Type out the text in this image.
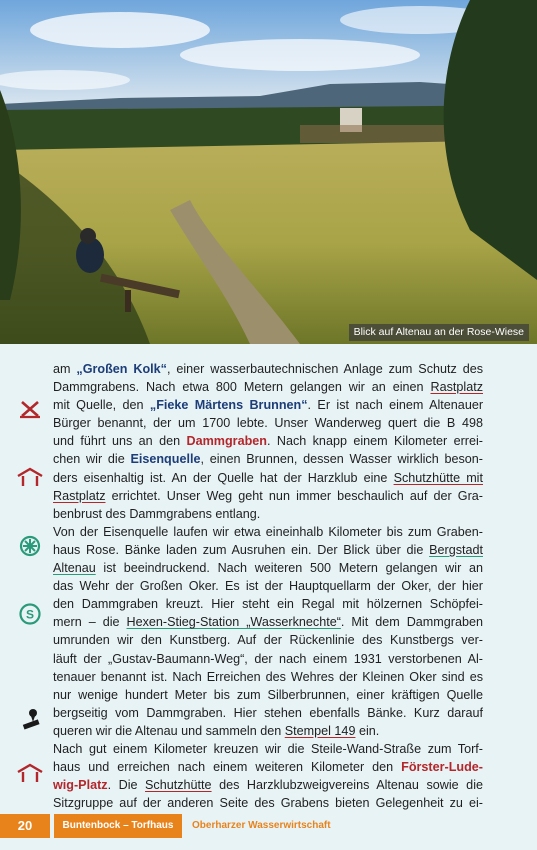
Blick auf Altenau an der Rose-Wiese
S

am „Großen Kolk“, einer wasserbautechnischen Anlage zum Schutz des
Dammgrabens. Nach etwa 800 Metern gelangen wir an einen Rastplatz
mit Quelle, den „Fieke Märtens Brunnen“. Er ist nach einem Altenauer
Bürger benannt, der um 1700 lebte. Unser Wanderweg quert die B 498
und führt uns an den Dammgraben. Nach knapp einem Kilometer errei-
chen wir die Eisenquelle, einen Brunnen, dessen Wasser wirklich beson-
ders eisenhaltig ist. An der Quelle hat der Harzklub eine Schutzhütte mit
Rastplatz errichtet. Unser Weg geht nun immer beschaulich auf der Gra-
benbrust des Dammgrabens entlang.

Von der Eisenquelle laufen wir etwa eineinhalb Kilometer bis zum Graben-
haus Rose. Bänke laden zum Ausruhen ein. Der Blick über die Bergstadt
Altenau ist beeindruckend. Nach weiteren 500 Metern gelangen wir an
das Wehr der Großen Oker. Es ist der Hauptquellarm der Oker, der hier
den Dammgraben kreuzt. Hier steht ein Regal mit hölzernen Schöpfei-
mern – die Hexen-Stieg-Station „Wasserknechte“. Mit dem Dammgraben
umrunden wir den Kunstberg. Auf der Rückenlinie des Kunstbergs ver-
läuft der „Gustav-Baumann-Weg“, der nach einem 1931 verstorbenen Al-
tenauer benannt ist. Nach Erreichen des Wehres der Kleinen Oker sind es
nur wenige hundert Meter bis zum Silberbrunnen, einer kräftigen Quelle
bergseitig vom Dammgraben. Hier stehen ebenfalls Bänke. Kurz darauf
queren wir die Altenau und sammeln den Stempel 149 ein.
Nach gut einem Kilometer kreuzen wir die Steile-Wand-Straße zum Torf-
haus und erreichen nach einem weiteren Kilometer den Förster-Lude-
wig-Platz. Die Schutzhütte des Harzklubzweigvereins Altenau sowie die
Sitzgruppe auf der anderen Seite des Grabens bieten Gelegenheit zu ei-

20	Buntenbock – Torfhaus	Oberharzer Wasserwirtschaft
